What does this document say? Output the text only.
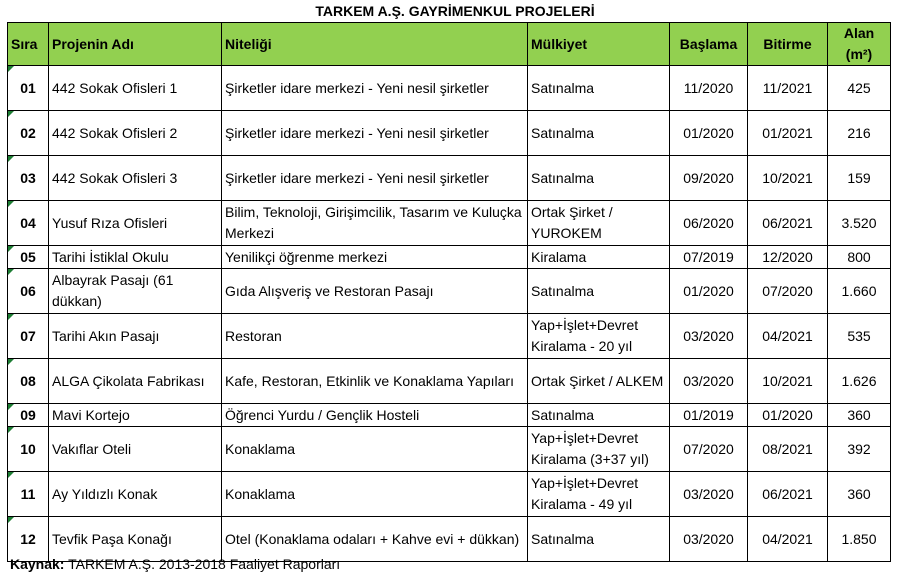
TARKEM A.Ş. GAYRİMENKUL PROJELERİ
Sıra	Projenin Adı	Niteliği	Mülkiyet	Başlama	Bitirme	Alan (m²)
01	442 Sokak Ofisleri 1	Şirketler idare merkezi - Yeni nesil şirketler	Satınalma	11/2020	11/2021	425
02	442 Sokak Ofisleri 2	Şirketler idare merkezi - Yeni nesil şirketler	Satınalma	01/2020	01/2021	216
03	442 Sokak Ofisleri 3	Şirketler idare merkezi - Yeni nesil şirketler	Satınalma	09/2020	10/2021	159
04	Yusuf Rıza Ofisleri	Bilim, Teknoloji, Girişimcilik, Tasarım ve Kuluçka Merkezi	Ortak Şirket / YUROKEM	06/2020	06/2021	3.520
05	Tarihi İstiklal Okulu	Yenilikçi öğrenme merkezi	Kiralama	07/2019	12/2020	800
06	Albayrak Pasajı (61 dükkan)	Gıda Alışveriş ve Restoran Pasajı	Satınalma	01/2020	07/2020	1.660
07	Tarihi Akın Pasajı	Restoran	Yap+İşlet+Devret Kiralama - 20 yıl	03/2020	04/2021	535
08	ALGA Çikolata Fabrikası	Kafe, Restoran, Etkinlik ve Konaklama Yapıları	Ortak Şirket / ALKEM	03/2020	10/2021	1.626
09	Mavi Kortejo	Öğrenci Yurdu / Gençlik Hosteli	Satınalma	01/2019	01/2020	360
10	Vakıflar Oteli	Konaklama	Yap+İşlet+Devret Kiralama (3+37 yıl)	07/2020	08/2021	392
11	Ay Yıldızlı Konak	Konaklama	Yap+İşlet+Devret Kiralama - 49 yıl	03/2020	06/2021	360
12	Tevfik Paşa Konağı	Otel (Konaklama odaları + Kahve evi + dükkan)	Satınalma	03/2020	04/2021	1.850
Kaynak: TARKEM A.Ş. 2013-2018 Faaliyet Raporları
